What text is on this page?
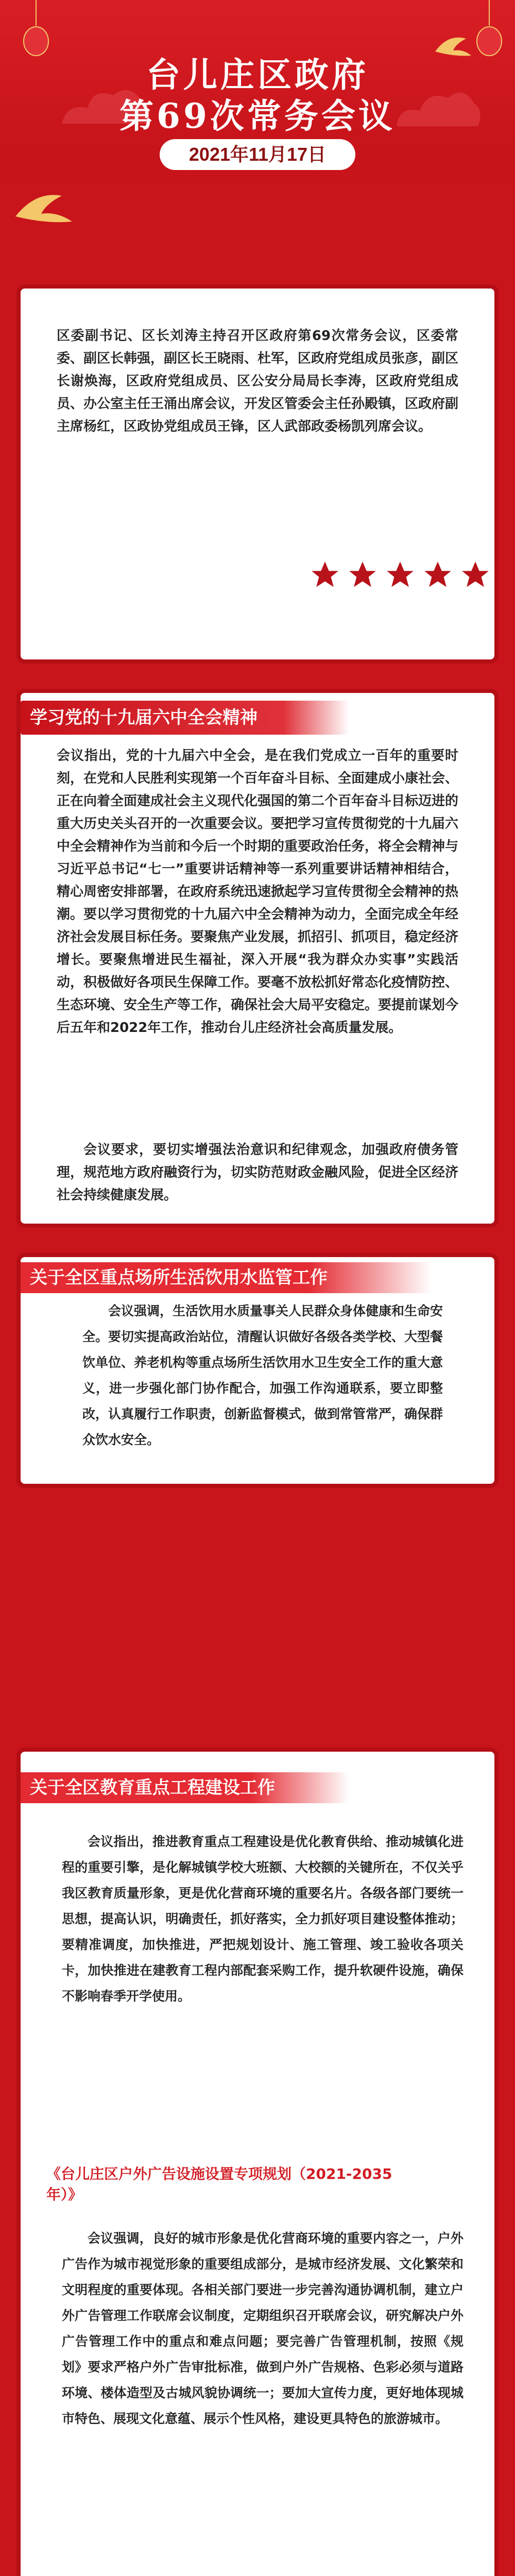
台儿庄区政府
第69次常务会议
2021年11月17日
区委副书记、区长刘涛主持召开区政府第69次常务会议，区委常委、副区长韩强，副区长王晓雨、杜军，区政府党组成员张彦，副区长谢焕海，区政府党组成员、区公安分局局长李涛，区政府党组成员、办公室主任王涌出席会议，开发区管委会主任孙殿镇，区政府副主席杨红，区政协党组成员王锋，区人武部政委杨凯列席会议。

会议指出，党的十九届六中全会，是在我们党成立一百年的重要时刻，在党和人民胜利实现第一个百年奋斗目标、全面建成小康社会、正在向着全面建成社会主义现代化强国的第二个百年奋斗目标迈进的重大历史关头召开的一次重要会议。要把学习宣传贯彻党的十九届六中全会精神作为当前和今后一个时期的重要政治任务，将全会精神与习近平总书记“七一”重要讲话精神等一系列重要讲话精神相结合，精心周密安排部署，在政府系统迅速掀起学习宣传贯彻全会精神的热潮。要以学习贯彻党的十九届六中全会精神为动力，全面完成全年经济社会发展目标任务。要聚焦产业发展，抓招引、抓项目，稳定经济增长。要聚焦增进民生福祉，深入开展“我为群众办实事”实践活动，积极做好各项民生保障工作。要毫不放松抓好常态化疫情防控、生态环境、安全生产等工作，确保社会大局平安稳定。要提前谋划今后五年和2022年工作，推动台儿庄经济社会高质量发展。
会议要求，要切实增强法治意识和纪律观念，加强政府债务管理，规范地方政府融资行为，切实防范财政金融风险，促进全区经济社会持续健康发展。
学习党的十九届六中全会精神
会议强调，生活饮用水质量事关人民群众身体健康和生命安全。要切实提高政治站位，清醒认识做好各级各类学校、大型餐饮单位、养老机构等重点场所生活饮用水卫生安全工作的重大意义，进一步强化部门协作配合，加强工作沟通联系，要立即整改，认真履行工作职责，创新监督模式，做到常管常严，确保群众饮水安全。
关于全区重点场所生活饮用水监管工作
会议指出，推进教育重点工程建设是优化教育供给、推动城镇化进程的重要引擎，是化解城镇学校大班额、大校额的关键所在，不仅关乎我区教育质量形象，更是优化营商环境的重要名片。各级各部门要统一思想，提高认识，明确责任，抓好落实，全力抓好项目建设整体推动；要精准调度，加快推进，严把规划设计、施工管理、竣工验收各项关卡，加快推进在建教育工程内部配套采购工作，提升软硬件设施，确保不影响春季开学使用。
《台儿庄区户外广告设施设置专项规划（2021-2035年）》
会议强调，良好的城市形象是优化营商环境的重要内容之一，户外广告作为城市视觉形象的重要组成部分，是城市经济发展、文化繁荣和文明程度的重要体现。各相关部门要进一步完善沟通协调机制，建立户外广告管理工作联席会议制度，定期组织召开联席会议，研究解决户外广告管理工作中的重点和难点问题；要完善广告管理机制，按照《规划》要求严格户外广告审批标准，做到户外广告规格、色彩必须与道路环境、楼体造型及古城风貌协调统一；要加大宣传力度，更好地体现城市特色、展现文化意蕴、展示个性风格，建设更具特色的旅游城市。
关于全区教育重点工程建设工作
